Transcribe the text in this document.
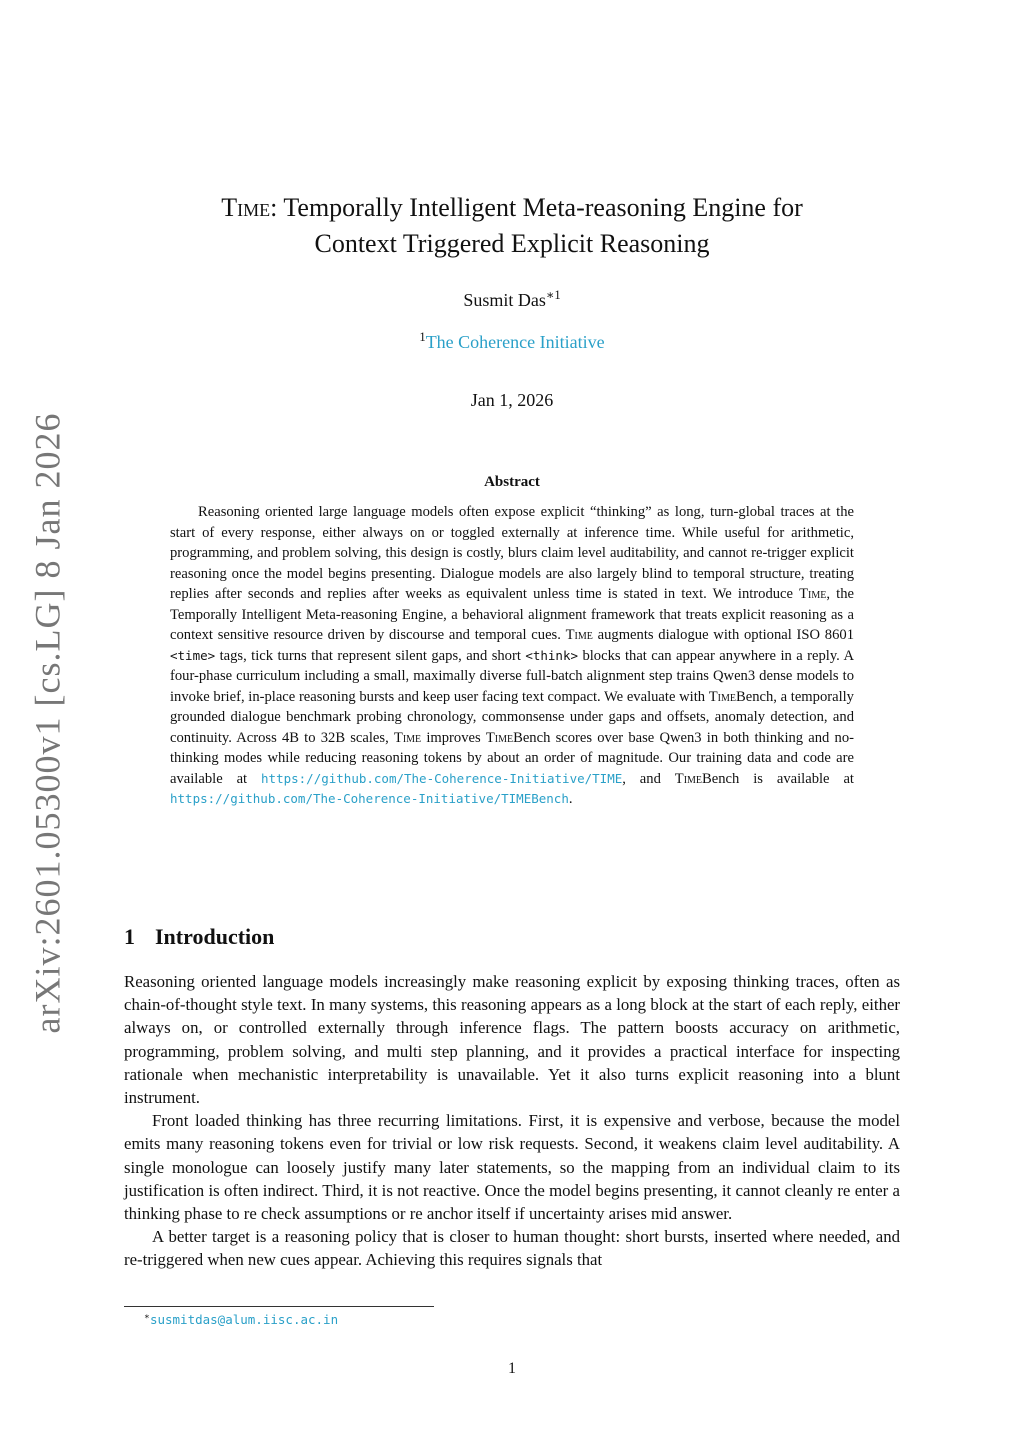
arXiv:2601.05300v1 [cs.LG] 8 Jan 2026
Time: Temporally Intelligent Meta-reasoning Engine for
Context Triggered Explicit Reasoning
Susmit Das$^{∗1}$
$^1$The Coherence Initiative
Jan 1, 2026
Abstract

Reasoning oriented large language models often expose explicit “thinking” as long, turn-global traces at the start of every response, either always on or toggled externally at inference time. While useful for arithmetic, programming, and problem solving, this design is costly, blurs claim level auditability, and cannot re-trigger explicit reasoning once the model begins presenting. Dialogue models are also largely blind to temporal structure, treating replies after seconds and replies after weeks as equivalent unless time is stated in text. We introduce Time, the Temporally Intelligent Meta-reasoning Engine, a behavioral alignment framework that treats explicit reasoning as a context sensitive resource driven by discourse and temporal cues. Time augments dialogue with optional ISO 8601 <time> tags, tick turns that represent silent gaps, and short <think> blocks that can appear anywhere in a reply. A four-phase curriculum including a small, maximally diverse full-batch alignment step trains Qwen3 dense models to invoke brief, in-place reasoning bursts and keep user facing text compact. We evaluate with TimeBench, a temporally grounded dialogue benchmark probing chronology, commonsense under gaps and offsets, anomaly detection, and continuity. Across 4B to 32B scales, Time improves TimeBench scores over base Qwen3 in both thinking and no-thinking modes while reducing reasoning tokens by about an order of magnitude. Our training data and code are available at https://github.com/The-Coherence-Initiative/TIME, and TimeBench is available at https://github.com/The-Coherence-Initiative/TIMEBench.

1 Introduction

Reasoning oriented language models increasingly make reasoning explicit by exposing thinking traces, often as chain-of-thought style text. In many systems, this reasoning appears as a long block at the start of each reply, either always on, or controlled externally through inference flags. The pattern boosts accuracy on arithmetic, programming, problem solving, and multi step planning, and it provides a practical interface for inspecting rationale when mechanistic interpretability is unavailable. Yet it also turns explicit reasoning into a blunt instrument.

Front loaded thinking has three recurring limitations. First, it is expensive and verbose, because the model emits many reasoning tokens even for trivial or low risk requests. Second, it weakens claim level auditability. A single monologue can loosely justify many later statements, so the mapping from an individual claim to its justification is often indirect. Third, it is not reactive. Once the model begins presenting, it cannot cleanly re enter a thinking phase to re check assumptions or re anchor itself if uncertainty arises mid answer.

A better target is a reasoning policy that is closer to human thought: short bursts, inserted where needed, and re-triggered when new cues appear. Achieving this requires signals that

∗susmitdas@alum.iisc.ac.in
1
